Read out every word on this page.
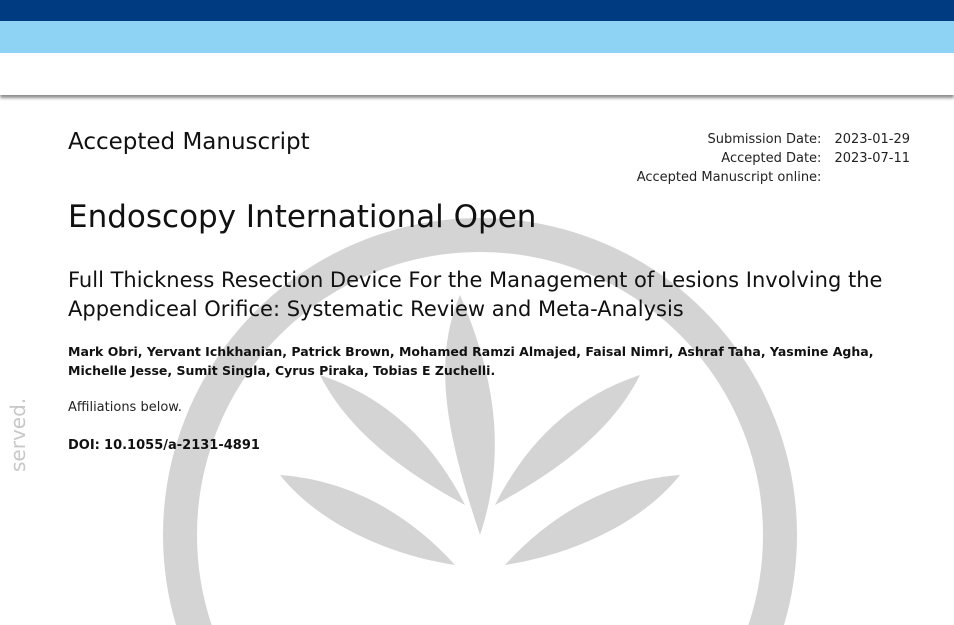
served.
Accepted Manuscript	Submission Date:	2023-01-29
Accepted Date:	2023-07-11
Accepted Manuscript online:	
Endoscopy International Open
Full Thickness Resection Device For the Management of Lesions Involving the Appendiceal Orifice: Systematic Review and Meta-Analysis
Mark Obri, Yervant Ichkhanian, Patrick Brown, Mohamed Ramzi Almajed, Faisal Nimri, Ashraf Taha, Yasmine Agha, Michelle Jesse, Sumit Singla, Cyrus Piraka, Tobias E Zuchelli.
Affiliations below.
DOI: 10.1055/a-2131-4891
